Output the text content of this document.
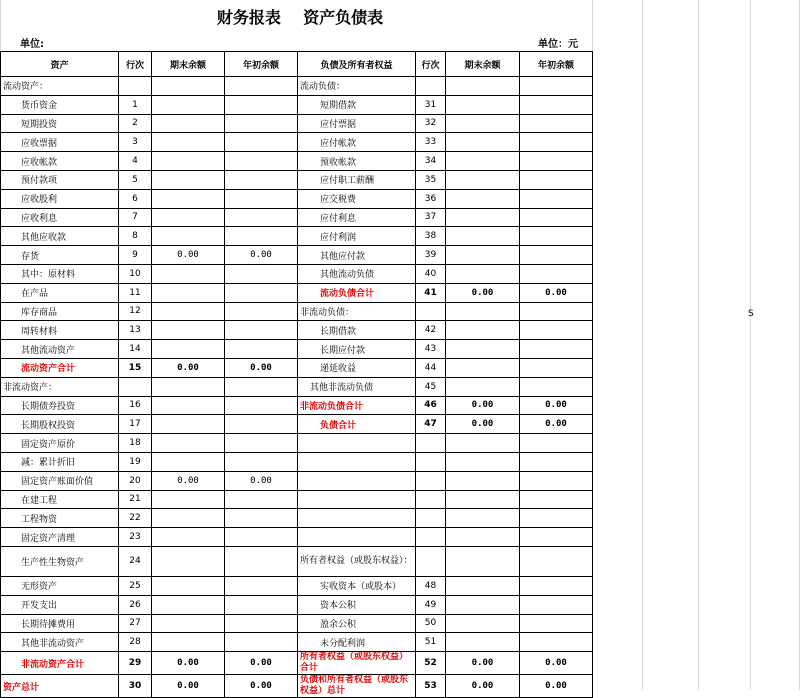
财务报表    资产负债表
单位:	单位：元
S
资产	行次	期末余额	年初余额	负债及所有者权益	行次	期末余额	年初余额
流动资产：				流动负债：			
货币资金	1			短期借款	31		
短期投资	2			应付票据	32		
应收票据	3			应付帐款	33		
应收帐款	4			预收帐款	34		
预付款项	5			应付职工薪酬	35		
应收股利	6			应交税费	36		
应收利息	7			应付利息	37		
其他应收款	8			应付利润	38		
存货	9	0.00	0.00	其他应付款	39		
其中：原材料	10			其他流动负债	40		
在产品	11			流动负债合计	41	0.00	0.00
库存商品	12			非流动负债：			
周转材料	13			长期借款	42		
其他流动资产	14			长期应付款	43		
流动资产合计	15	0.00	0.00	递延收益	44		
非流动资产：				其他非流动负债	45		
长期债券投资	16			非流动负债合计	46	0.00	0.00
长期股权投资	17			负债合计	47	0.00	0.00
固定资产原价	18						
减：累计折旧	19						
固定资产账面价值	20	0.00	0.00				
在建工程	21						
工程物资	22						
固定资产清理	23						
生产性生物资产	24			所有者权益（或股东权益）：			
无形资产	25			实收资本（或股本）	48		
开发支出	26			资本公积	49		
长期待摊费用	27			盈余公积	50		
其他非流动资产	28			未分配利润	51		
非流动资产合计	29	0.00	0.00	所有者权益（或股东权益）合计	52	0.00	0.00
资产总计	30	0.00	0.00	负债和所有者权益（或股东权益）总计	53	0.00	0.00
